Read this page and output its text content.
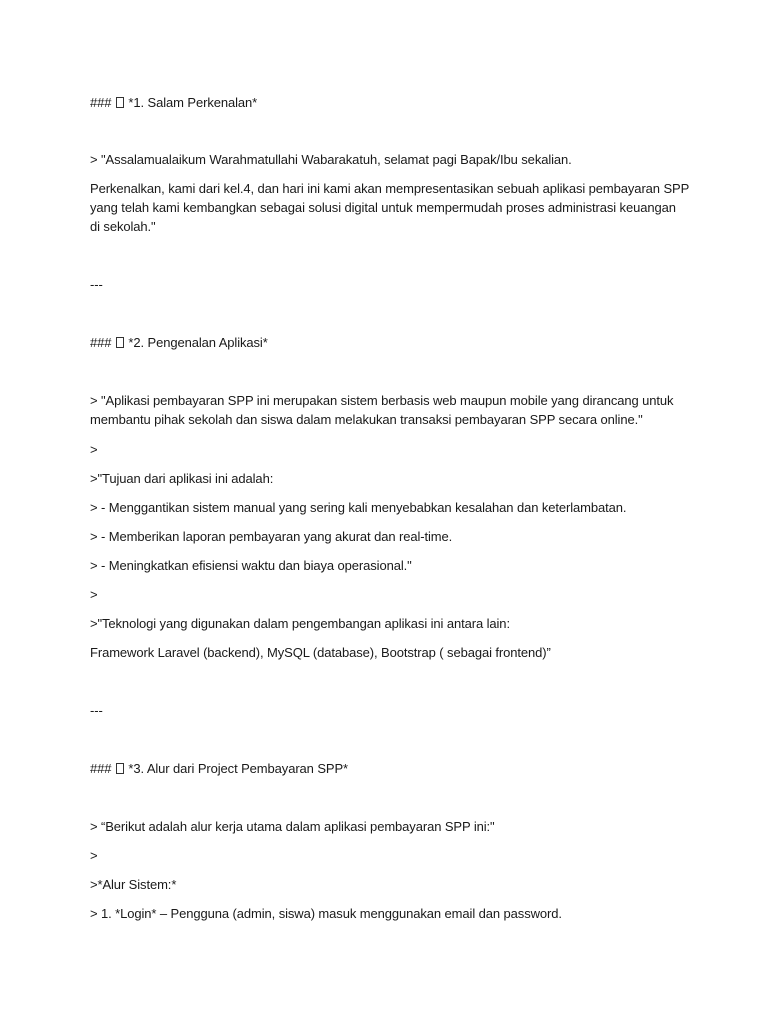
###  *1. Salam Perkenalan*
> "Assalamualaikum Warahmatullahi Wabarakatuh, selamat pagi Bapak/Ibu sekalian.
Perkenalkan, kami dari kel.4, dan hari ini kami akan mempresentasikan sebuah aplikasi pembayaran SPP
yang telah kami kembangkan sebagai solusi digital untuk mempermudah proses administrasi keuangan
di sekolah."
---
###  *2. Pengenalan Aplikasi*
> "Aplikasi pembayaran SPP ini merupakan sistem berbasis web maupun mobile yang dirancang untuk
membantu pihak sekolah dan siswa dalam melakukan transaksi pembayaran SPP secara online."
>
>"Tujuan dari aplikasi ini adalah:
> - Menggantikan sistem manual yang sering kali menyebabkan kesalahan dan keterlambatan.
> - Memberikan laporan pembayaran yang akurat dan real-time.
> - Meningkatkan efisiensi waktu dan biaya operasional."
>
>"Teknologi yang digunakan dalam pengembangan aplikasi ini antara lain:
Framework Laravel (backend), MySQL (database), Bootstrap ( sebagai frontend)”
---
###  *3. Alur dari Project Pembayaran SPP*
> “Berikut adalah alur kerja utama dalam aplikasi pembayaran SPP ini:"
>
>*Alur Sistem:*
> 1. *Login* – Pengguna (admin, siswa) masuk menggunakan email dan password.
